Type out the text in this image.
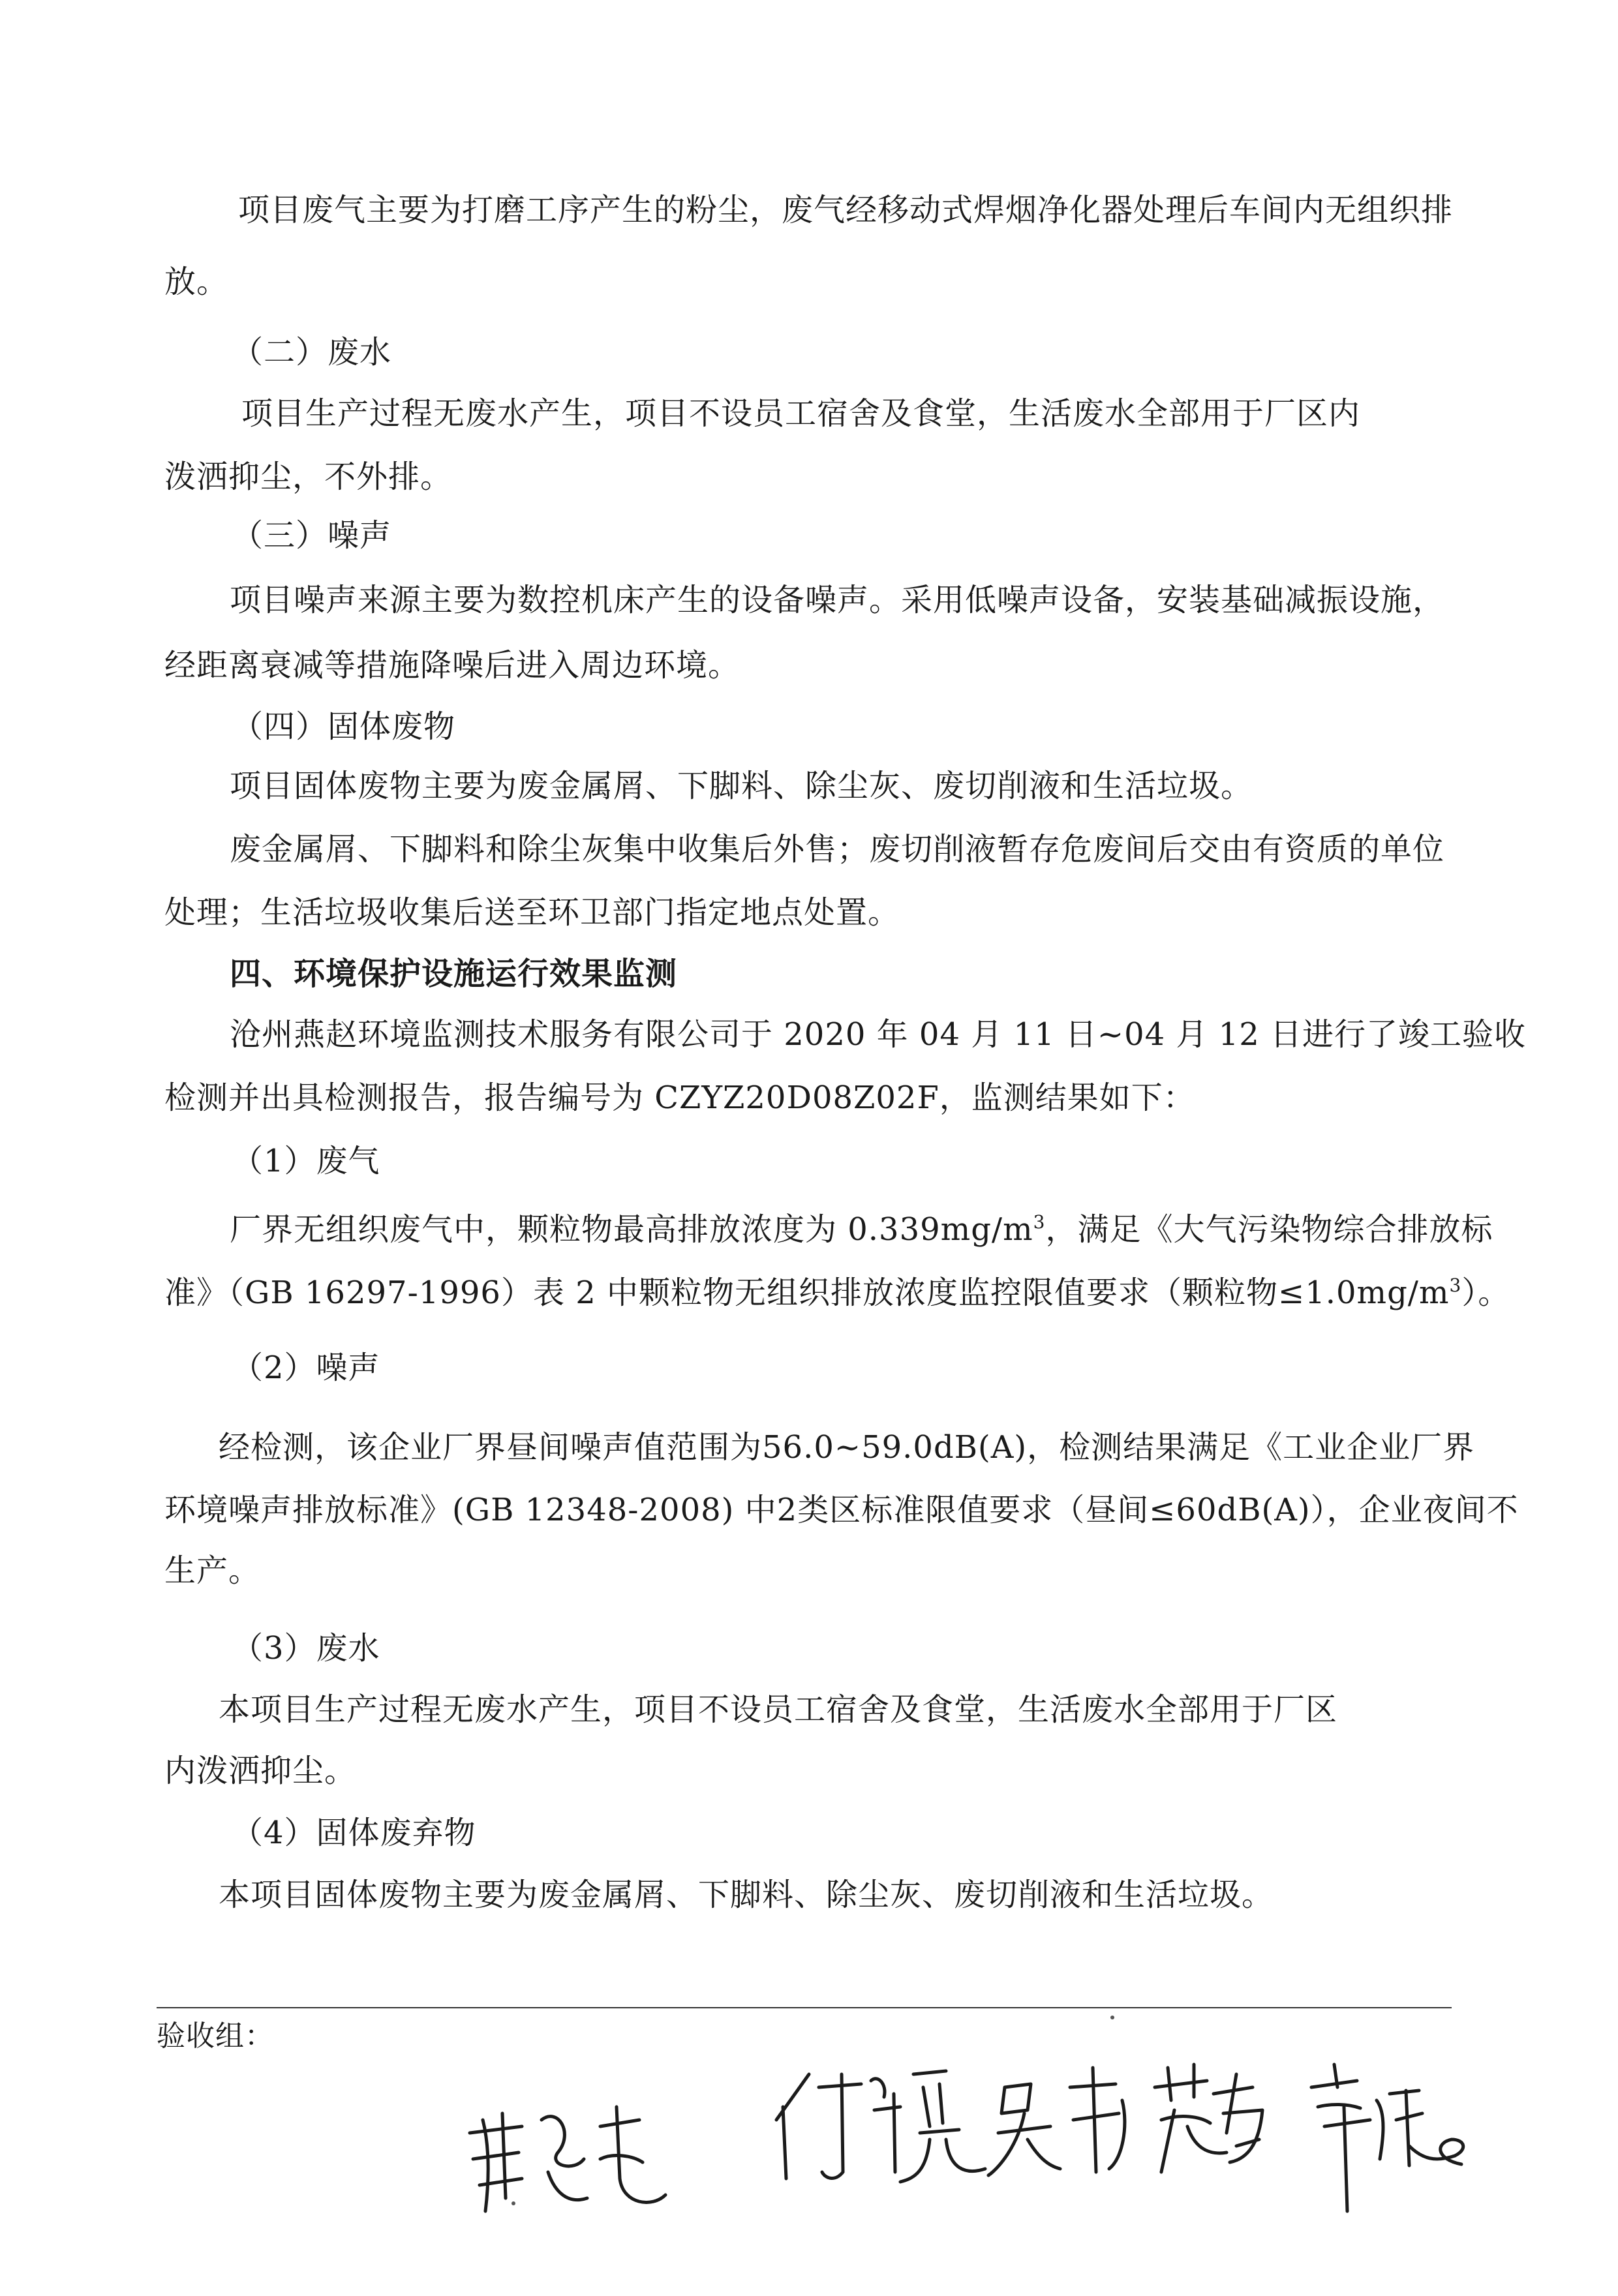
项目废气主要为打磨工序产生的粉尘，废气经移动式焊烟净化器处理后车间内无组织排
放。
（二）废水
项目生产过程无废水产生，项目不设员工宿舍及食堂，生活废水全部用于厂区内
泼洒抑尘，不外排。
（三）噪声
项目噪声来源主要为数控机床产生的设备噪声。采用低噪声设备，安装基础减振设施，
经距离衰减等措施降噪后进入周边环境。
（四）固体废物
项目固体废物主要为废金属屑、下脚料、除尘灰、废切削液和生活垃圾。
废金属屑、下脚料和除尘灰集中收集后外售；废切削液暂存危废间后交由有资质的单位
处理；生活垃圾收集后送至环卫部门指定地点处置。
四、环境保护设施运行效果监测
沧州燕赵环境监测技术服务有限公司于 2020 年 04 月 11 日~04 月 12 日进行了竣工验收
检测并出具检测报告，报告编号为 CZYZ20D08Z02F，监测结果如下：
（1）废气
厂界无组织废气中，颗粒物最高排放浓度为 $0.339mg/m^3$，满足《大气污染物综合排放标
准》（GB 16297-1996）表 2 中颗粒物无组织排放浓度监控限值要求（颗粒物$\le 1.0mg/m^3$）。
（2）噪声
经检测，该企业厂界昼间噪声值范围为56.0~59.0dB(A)，检测结果满足《工业企业厂界
环境噪声排放标准》(GB 12348-2008) 中2类区标准限值要求（昼间≤60dB(A)），企业夜间不
生产。
（3）废水
本项目生产过程无废水产生，项目不设员工宿舍及食堂，生活废水全部用于厂区
内泼洒抑尘。
（4）固体废弃物
本项目固体废物主要为废金属屑、下脚料、除尘灰、废切削液和生活垃圾。
验收组：
